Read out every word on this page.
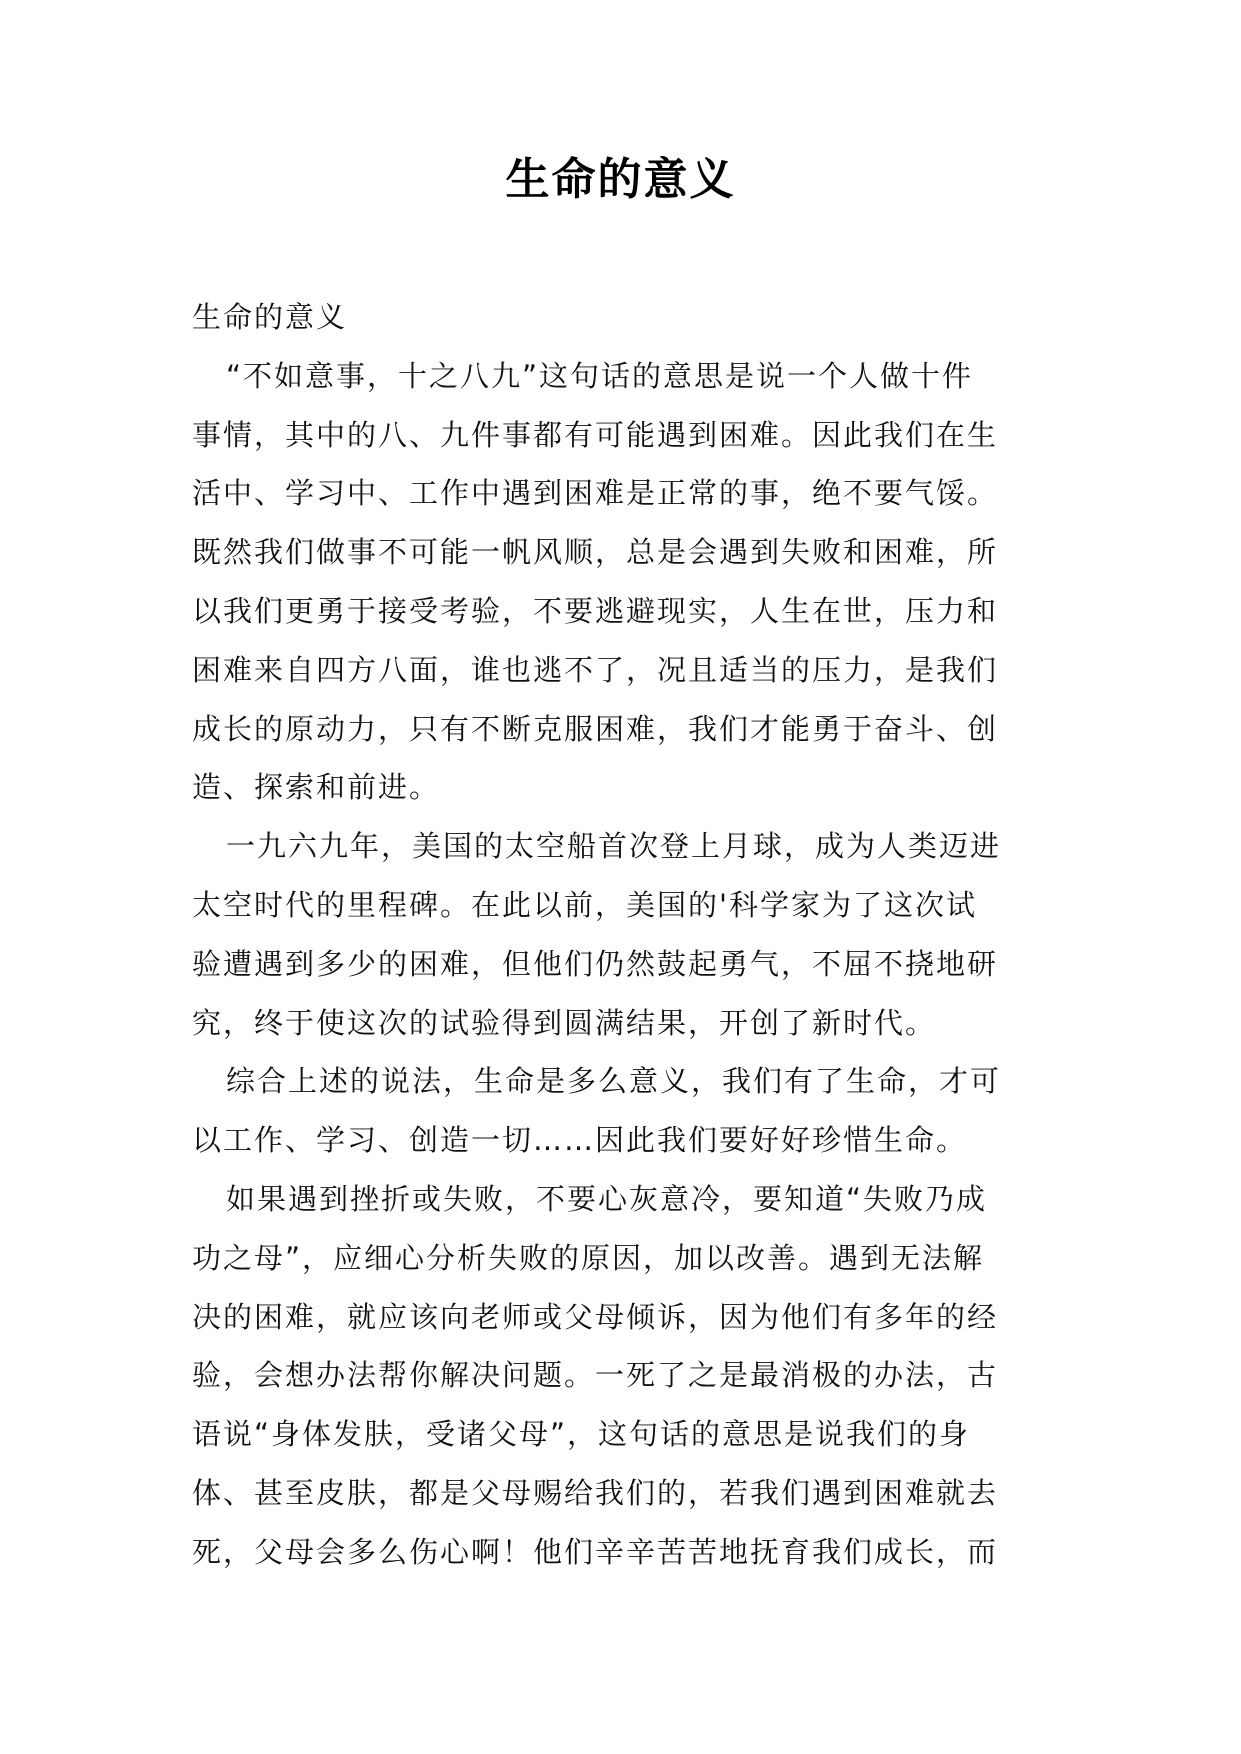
生命的意义
生命的意义
“不如意事，十之八九”这句话的意思是说一个人做十件
事情，其中的八、九件事都有可能遇到困难。因此我们在生
活中、学习中、工作中遇到困难是正常的事，绝不要气馁。
既然我们做事不可能一帆风顺，总是会遇到失败和困难，所
以我们更勇于接受考验，不要逃避现实，人生在世，压力和
困难来自四方八面，谁也逃不了，况且适当的压力，是我们
成长的原动力，只有不断克服困难，我们才能勇于奋斗、创
造、探索和前进。
一九六九年，美国的太空船首次登上月球，成为人类迈进
太空时代的里程碑。在此以前，美国的'科学家为了这次试
验遭遇到多少的困难，但他们仍然鼓起勇气，不屈不挠地研
究，终于使这次的试验得到圆满结果，开创了新时代。
综合上述的说法，生命是多么意义，我们有了生命，才可
以工作、学习、创造一切……因此我们要好好珍惜生命。
如果遇到挫折或失败，不要心灰意冷，要知道“失败乃成
功之母”，应细心分析失败的原因，加以改善。遇到无法解
决的困难，就应该向老师或父母倾诉，因为他们有多年的经
验，会想办法帮你解决问题。一死了之是最消极的办法，古
语说“身体发肤，受诸父母”，这句话的意思是说我们的身
体、甚至皮肤，都是父母赐给我们的，若我们遇到困难就去
死，父母会多么伤心啊！他们辛辛苦苦地抚育我们成长，而
